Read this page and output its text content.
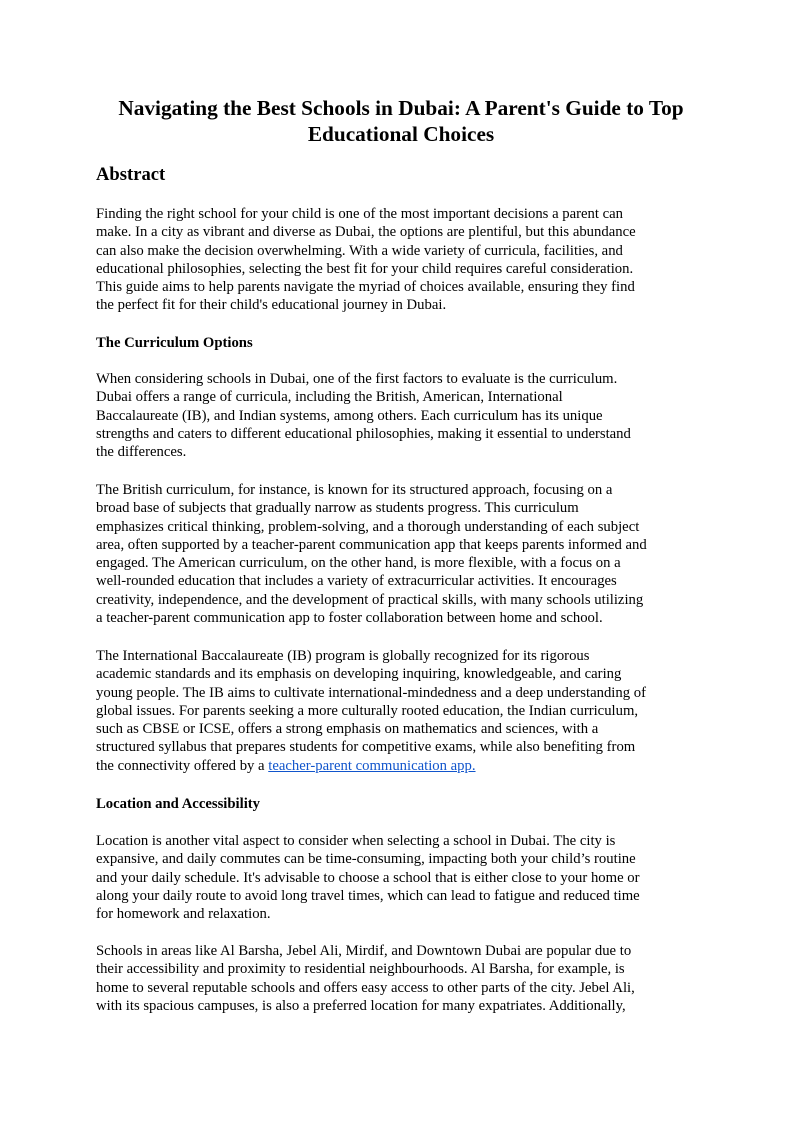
Navigating the Best Schools in Dubai: A Parent's Guide to Top
Educational Choices
Abstract

Finding the right school for your child is one of the most important decisions a parent can
make. In a city as vibrant and diverse as Dubai, the options are plentiful, but this abundance
can also make the decision overwhelming. With a wide variety of curricula, facilities, and
educational philosophies, selecting the best fit for your child requires careful consideration.
This guide aims to help parents navigate the myriad of choices available, ensuring they find
the perfect fit for their child's educational journey in Dubai.

The Curriculum Options

When considering schools in Dubai, one of the first factors to evaluate is the curriculum.
Dubai offers a range of curricula, including the British, American, International
Baccalaureate (IB), and Indian systems, among others. Each curriculum has its unique
strengths and caters to different educational philosophies, making it essential to understand
the differences.

The British curriculum, for instance, is known for its structured approach, focusing on a
broad base of subjects that gradually narrow as students progress. This curriculum
emphasizes critical thinking, problem-solving, and a thorough understanding of each subject
area, often supported by a teacher-parent communication app that keeps parents informed and
engaged. The American curriculum, on the other hand, is more flexible, with a focus on a
well-rounded education that includes a variety of extracurricular activities. It encourages
creativity, independence, and the development of practical skills, with many schools utilizing
a teacher-parent communication app to foster collaboration between home and school.

The International Baccalaureate (IB) program is globally recognized for its rigorous
academic standards and its emphasis on developing inquiring, knowledgeable, and caring
young people. The IB aims to cultivate international-mindedness and a deep understanding of
global issues. For parents seeking a more culturally rooted education, the Indian curriculum,
such as CBSE or ICSE, offers a strong emphasis on mathematics and sciences, with a
structured syllabus that prepares students for competitive exams, while also benefiting from
the connectivity offered by a teacher-parent communication app.

Location and Accessibility

Location is another vital aspect to consider when selecting a school in Dubai. The city is
expansive, and daily commutes can be time-consuming, impacting both your child’s routine
and your daily schedule. It's advisable to choose a school that is either close to your home or
along your daily route to avoid long travel times, which can lead to fatigue and reduced time
for homework and relaxation.

Schools in areas like Al Barsha, Jebel Ali, Mirdif, and Downtown Dubai are popular due to
their accessibility and proximity to residential neighbourhoods. Al Barsha, for example, is
home to several reputable schools and offers easy access to other parts of the city. Jebel Ali,
with its spacious campuses, is also a preferred location for many expatriates. Additionally,
